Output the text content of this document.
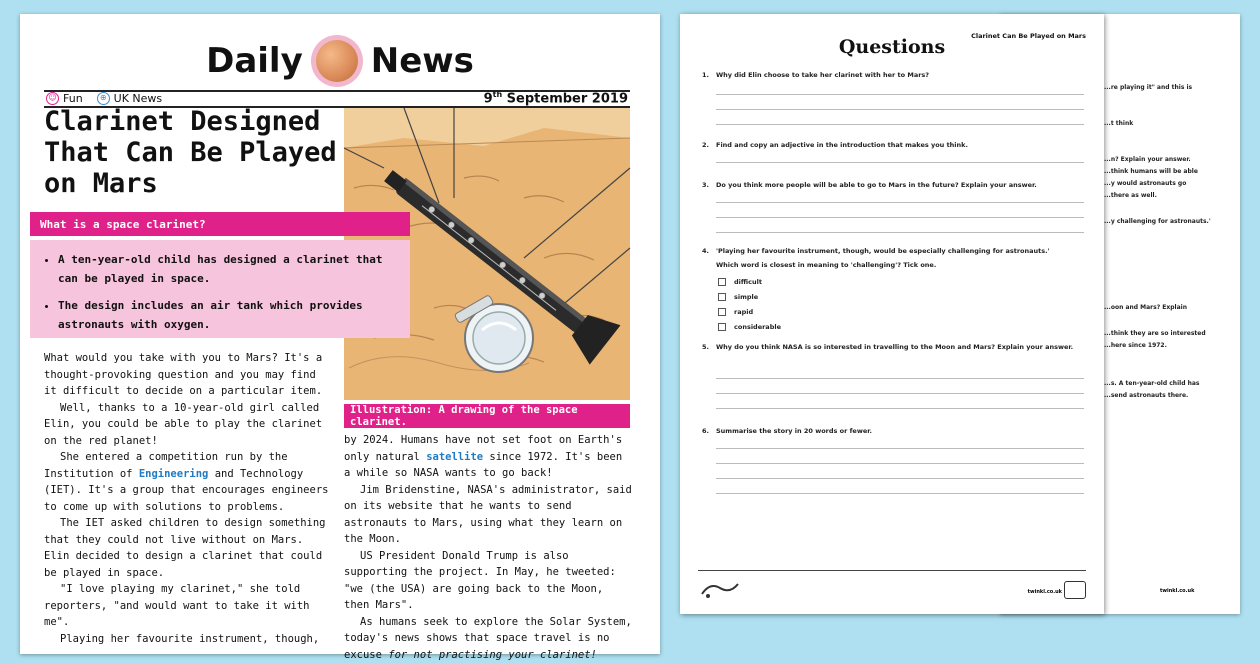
...re playing it" and this is
...t think
...n? Explain your answer.
...think humans will be able
...y would astronauts go
...there as well.
...y challenging for astronauts.'
...oon and Mars? Explain
...think they are so interested
...here since 1972.
...s. A ten-year-old child has
...send astronauts there.
twinkl.co.uk
Daily News
☺ Fun	⊕ UK News	9th September 2019
Clarinet Designed That Can Be Played on Mars
Illustration: A drawing of the space clarinet.
What is a space clarinet?
• A ten-year-old child has designed a clarinet that can be played in space.
• The design includes an air tank which provides astronauts with oxygen.

What would you take with you to Mars? It's a thought-provoking question and you may find it difficult to decide on a particular item.

Well, thanks to a 10-year-old girl called Elin, you could be able to play the clarinet on the red planet!

She entered a competition run by the Institution of Engineering and Technology (IET). It's a group that encourages engineers to come up with solutions to problems.

The IET asked children to design something that they could not live without on Mars. Elin decided to design a clarinet that could be played in space.

"I love playing my clarinet," she told reporters, "and would want to take it with me".

Playing her favourite instrument, though,

by 2024. Humans have not set foot on Earth's only natural satellite since 1972. It's been a while so NASA wants to go back!

Jim Bridenstine, NASA's administrator, said on its website that he wants to send astronauts to Mars, using what they learn on the Moon.

US President Donald Trump is also supporting the project. In May, he tweeted: "we (the USA) are going back to the Moon, then Mars".

As humans seek to explore the Solar System, today's news shows that space travel is no excuse for not practising your clarinet!

Clarinet Can Be Played on Mars
Questions
1. Why did Elin choose to take her clarinet with her to Mars?
2. Find and copy an adjective in the introduction that makes you think.
3. Do you think more people will be able to go to Mars in the future? Explain your answer.
4. 'Playing her favourite instrument, though, would be especially challenging for astronauts.'
Which word is closest in meaning to 'challenging'? Tick one.
difficult
simple
rapid
considerable
5. Why do you think NASA is so interested in travelling to the Moon and Mars? Explain your answer.
6. Summarise the story in 20 words or fewer.
twinkl.co.uk
